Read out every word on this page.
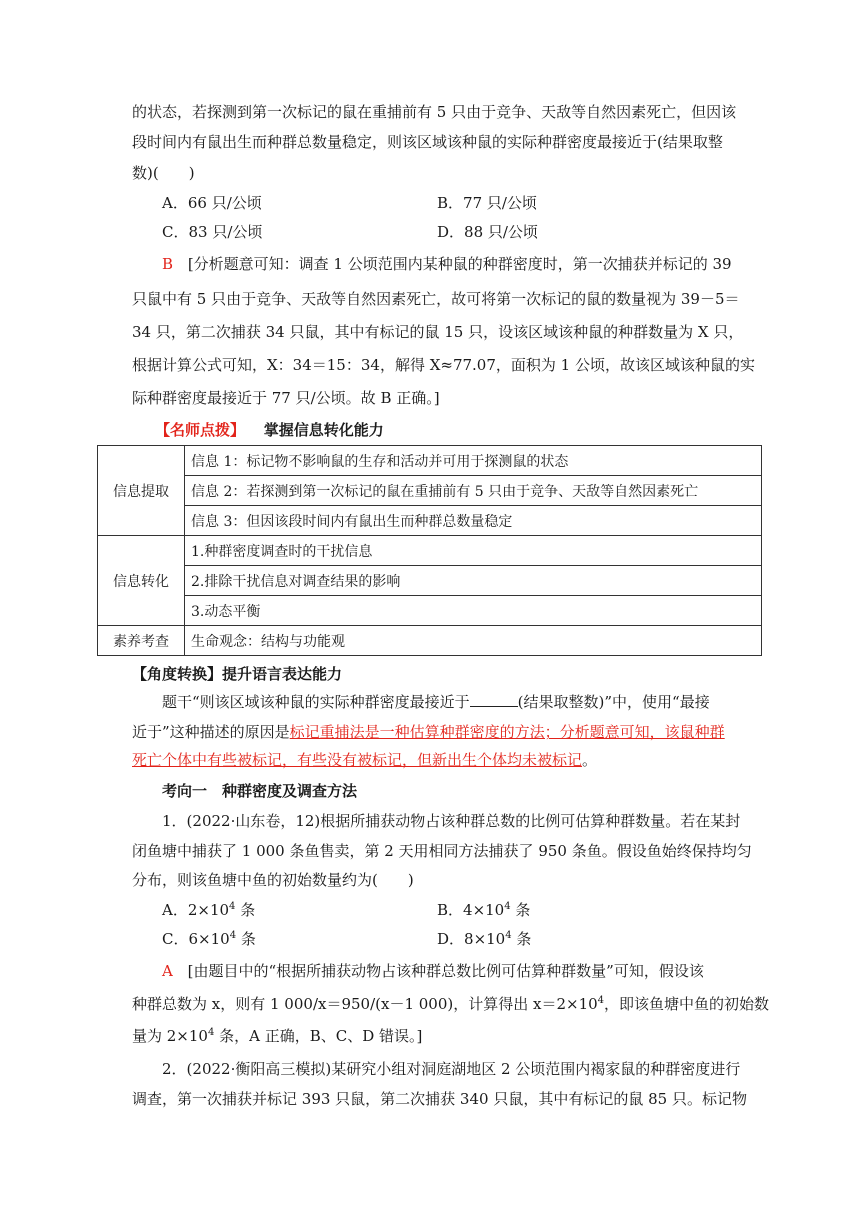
的状态，若探测到第一次标记的鼠在重捕前有 5 只由于竞争、天敌等自然因素死亡，但因该
段时间内有鼠出生而种群总数量稳定，则该区域该种鼠的实际种群密度最接近于(结果取整
数)(　　)
A．66 只/公顷	B．77 只/公顷
C．83 只/公顷	D．88 只/公顷
B [分析题意可知：调查 1 公顷范围内某种鼠的种群密度时，第一次捕获并标记的 39
只鼠中有 5 只由于竞争、天敌等自然因素死亡，故可将第一次标记的鼠的数量视为 39－5＝
34 只，第二次捕获 34 只鼠，其中有标记的鼠 15 只，设该区域该种鼠的种群数量为 X 只，
根据计算公式可知，X：34＝15：34，解得 X≈77.07，面积为 1 公顷，故该区域该种鼠的实
际种群密度最接近于 77 只/公顷。故 B 正确。]
【名师点拨】 掌握信息转化能力
信息提取	信息 1：标记物不影响鼠的生存和活动并可用于探测鼠的状态
	信息 2：若探测到第一次标记的鼠在重捕前有 5 只由于竞争、天敌等自然因素死亡
	信息 3：但因该段时间内有鼠出生而种群总数量稳定
信息转化	1.种群密度调查时的干扰信息
	2.排除干扰信息对调查结果的影响
	3.动态平衡
素养考查	生命观念：结构与功能观
【角度转换】提升语言表达能力
题干“则该区域该种鼠的实际种群密度最接近于	(结果取整数)”中，使用“最接
近于”这种描述的原因是标记重捕法是一种估算种群密度的方法；分析题意可知，该鼠种群
死亡个体中有些被标记，有些没有被标记，但新出生个体均未被标记。
考向一　种群密度及调查方法
1．(2022·山东卷，12)根据所捕获动物占该种群总数的比例可估算种群数量。若在某封
闭鱼塘中捕获了 1 000 条鱼售卖，第 2 天用相同方法捕获了 950 条鱼。假设鱼始终保持均匀
分布，则该鱼塘中鱼的初始数量约为(　　)
A．$2\times 10^4$ 条	B．$4\times 10^4$ 条
C．$6\times 10^4$ 条	D．$8\times 10^4$ 条
A [由题目中的“根据所捕获动物占该种群总数比例可估算种群数量”可知，假设该
种群总数为 x，则有 1 000/x＝950/(x－1 000)，计算得出 $x=2\times 10^4$，即该鱼塘中鱼的初始数
量为 $2\times 10^4$ 条，A 正确，B、C、D 错误。]
2．(2022·衡阳高三模拟)某研究小组对洞庭湖地区 2 公顷范围内褐家鼠的种群密度进行
调查，第一次捕获并标记 393 只鼠，第二次捕获 340 只鼠，其中有标记的鼠 85 只。标记物
